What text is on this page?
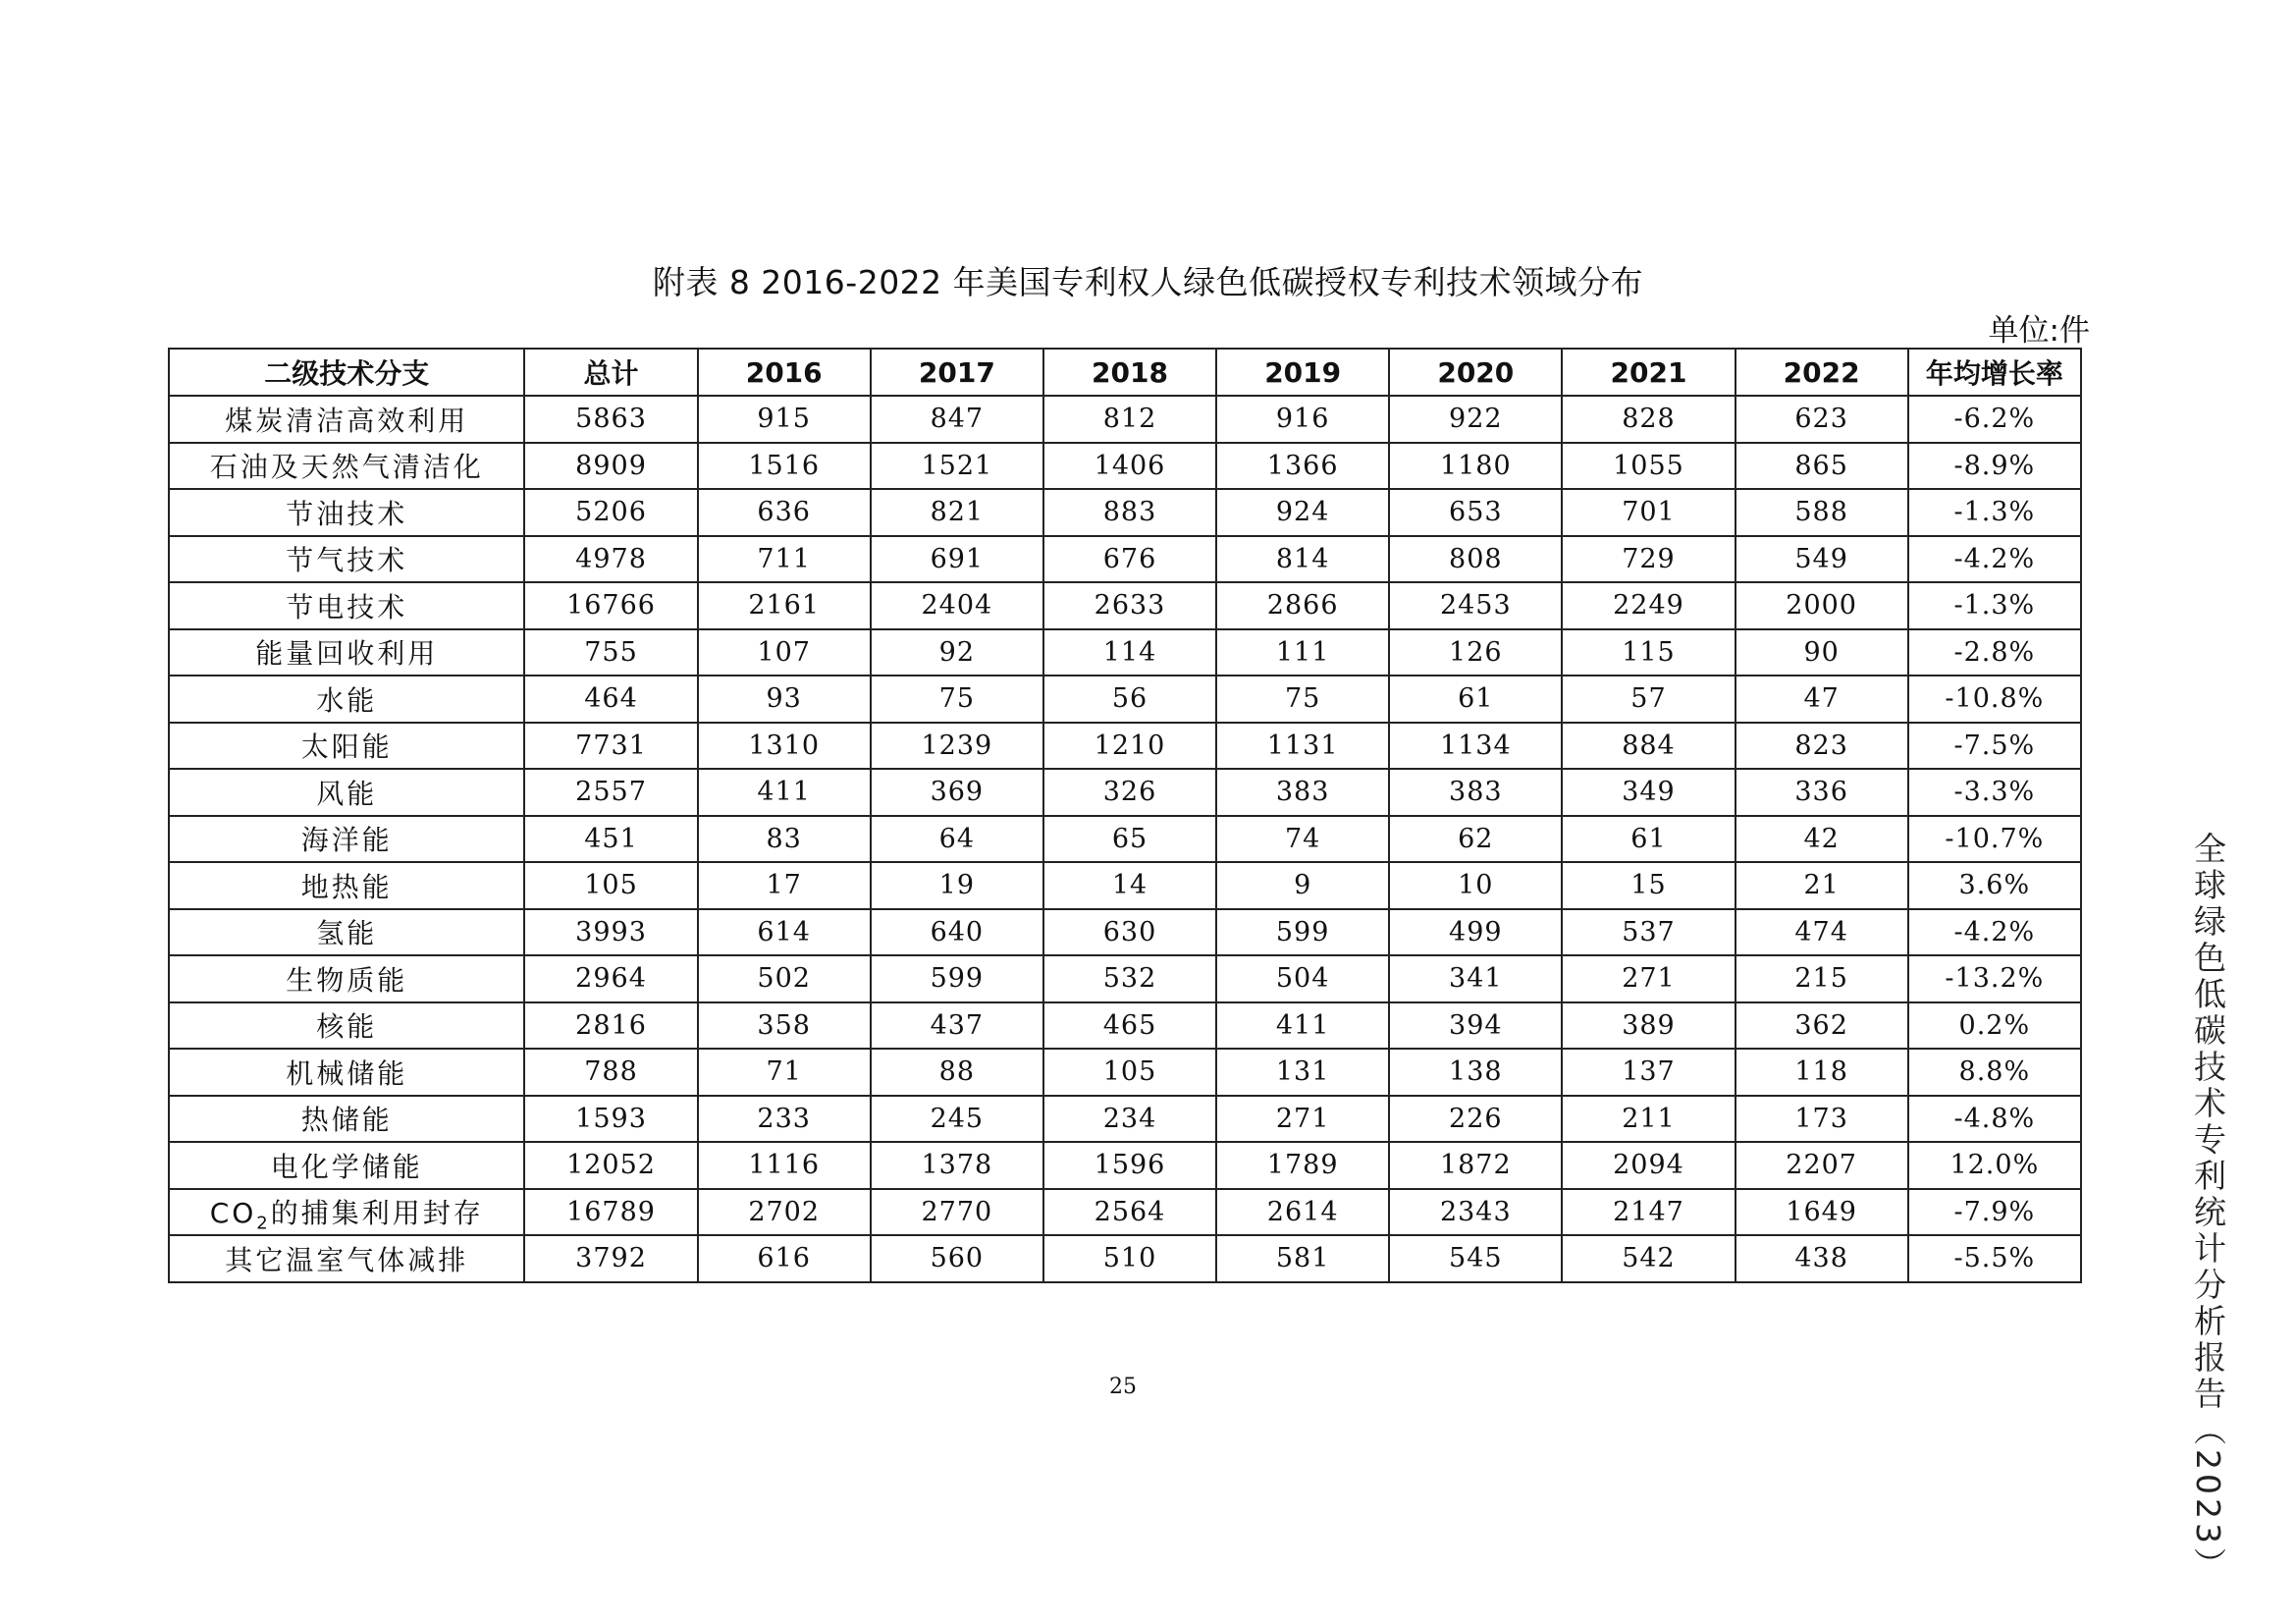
附表 8 2016-2022 年美国专利权人绿色低碳授权专利技术领域分布
单位:件
二级技术分支	总计	2016	2017	2018	2019	2020	2021	2022	年均增长率
煤炭清洁高效利用	5863	915	847	812	916	922	828	623	-6.2%
石油及天然气清洁化	8909	1516	1521	1406	1366	1180	1055	865	-8.9%
节油技术	5206	636	821	883	924	653	701	588	-1.3%
节气技术	4978	711	691	676	814	808	729	549	-4.2%
节电技术	16766	2161	2404	2633	2866	2453	2249	2000	-1.3%
能量回收利用	755	107	92	114	111	126	115	90	-2.8%
水能	464	93	75	56	75	61	57	47	-10.8%
太阳能	7731	1310	1239	1210	1131	1134	884	823	-7.5%
风能	2557	411	369	326	383	383	349	336	-3.3%
海洋能	451	83	64	65	74	62	61	42	-10.7%
地热能	105	17	19	14	9	10	15	21	3.6%
氢能	3993	614	640	630	599	499	537	474	-4.2%
生物质能	2964	502	599	532	504	341	271	215	-13.2%
核能	2816	358	437	465	411	394	389	362	0.2%
机械储能	788	71	88	105	131	138	137	118	8.8%
热储能	1593	233	245	234	271	226	211	173	-4.8%
电化学储能	12052	1116	1378	1596	1789	1872	2094	2207	12.0%
$CO_2$的捕集利用封存	16789	2702	2770	2564	2614	2343	2147	1649	-7.9%
其它温室气体减排	3792	616	560	510	581	545	542	438	-5.5%
25	全球绿色低碳技术专利统计分析报告（2023）
